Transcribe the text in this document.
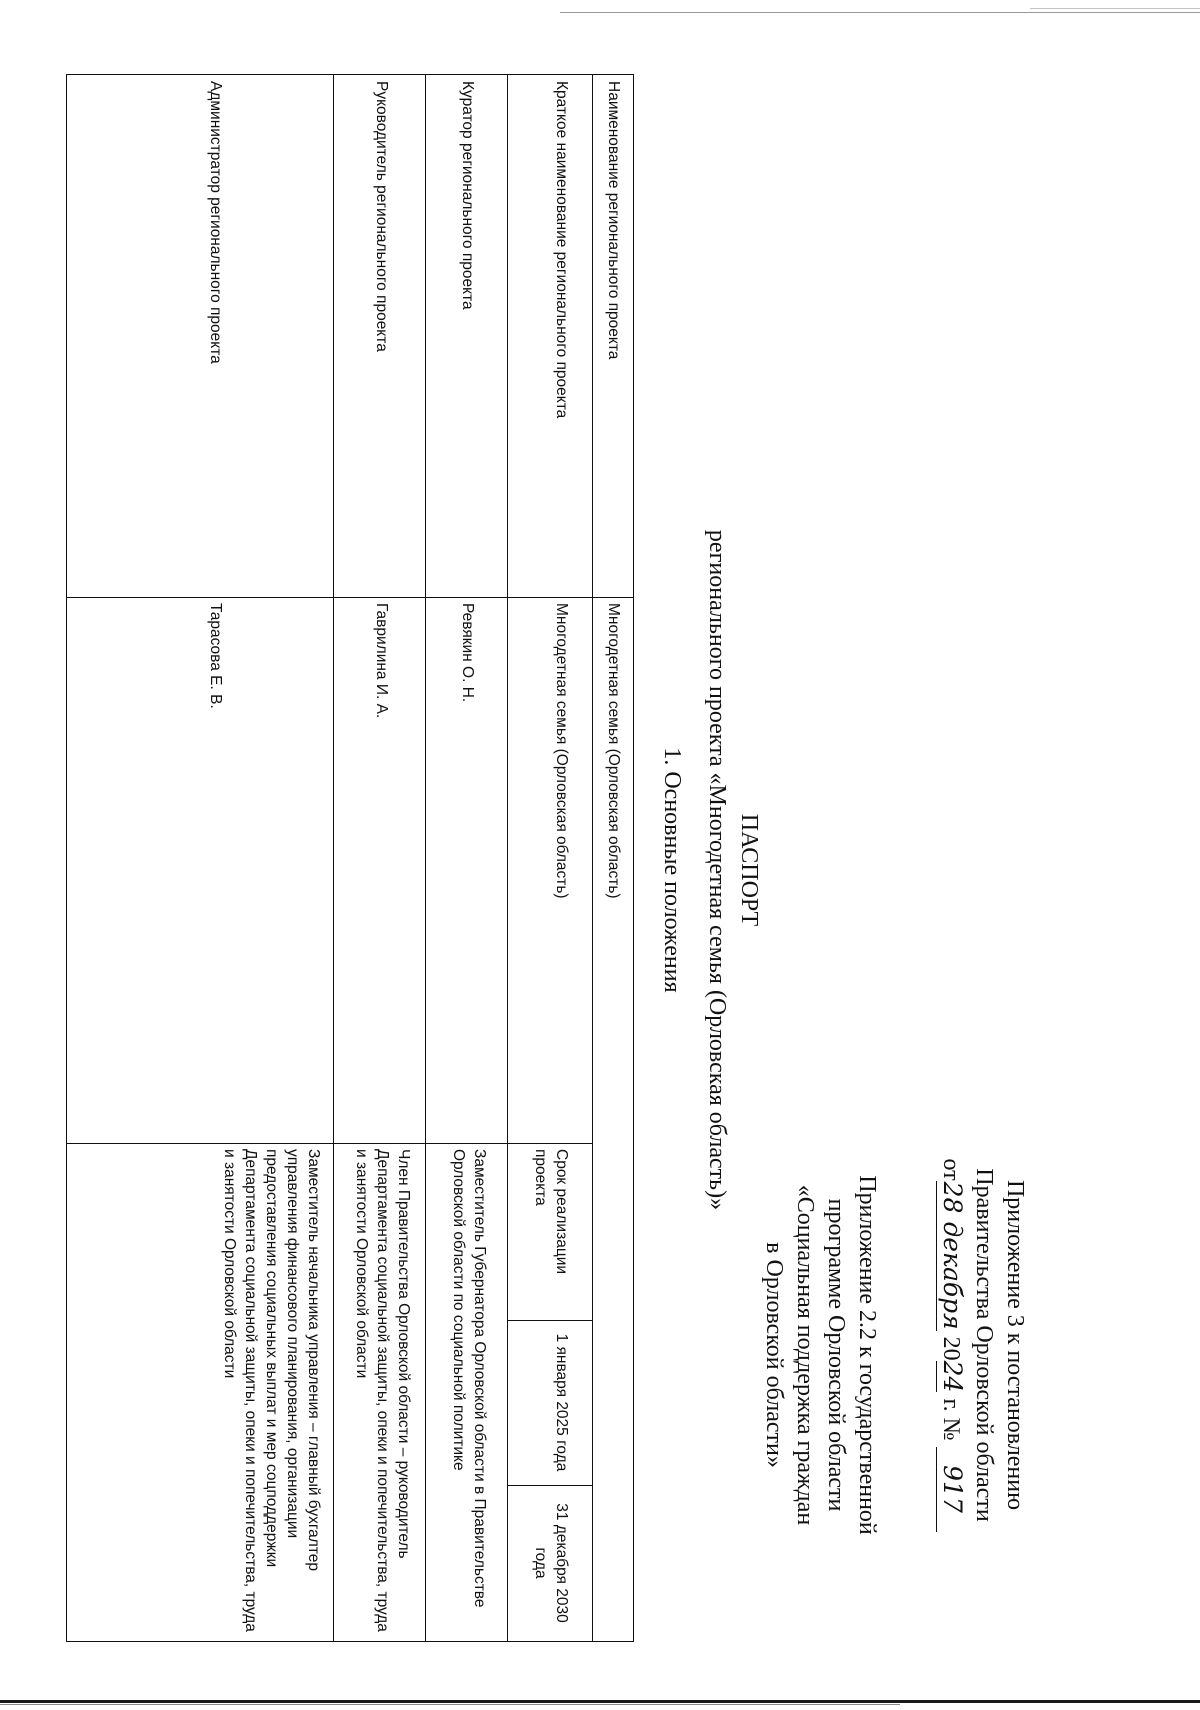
Приложение 3 к постановлению
Правительства Орловской области
от28 декабря 2024 г. № 917
Приложение 2.2 к государственной
программе Орловской области
«Социальная поддержка граждан
в Орловской области»
ПАСПОРТ
регионального проекта «Многодетная семья (Орловская область)»
1. Основные положения
Наименование регионального проекта
Многодетная семья (Орловская область)
Краткое наименование регионального проекта
Многодетная семья (Орловская область)
Срок реализации проекта
1 января 2025 года
31 декабря 2030 года
Куратор регионального проекта
Ревякин О. Н.
Заместитель Губернатора Орловской области в Правительстве Орловской области по социальной политике
Руководитель регионального проекта
Гаврилина И. А.
Член Правительства Орловской области – руководитель Департамента социальной защиты, опеки и попечительства, труда и занятости Орловской области
Администратор регионального проекта
Тарасова Е. В.
Заместитель начальника управления – главный бухгалтер управления финансового планирования, организации предоставления социальных выплат и мер соцподдержки Департамента социальной защиты, опеки и попечительства, труда и занятости Орловской области
